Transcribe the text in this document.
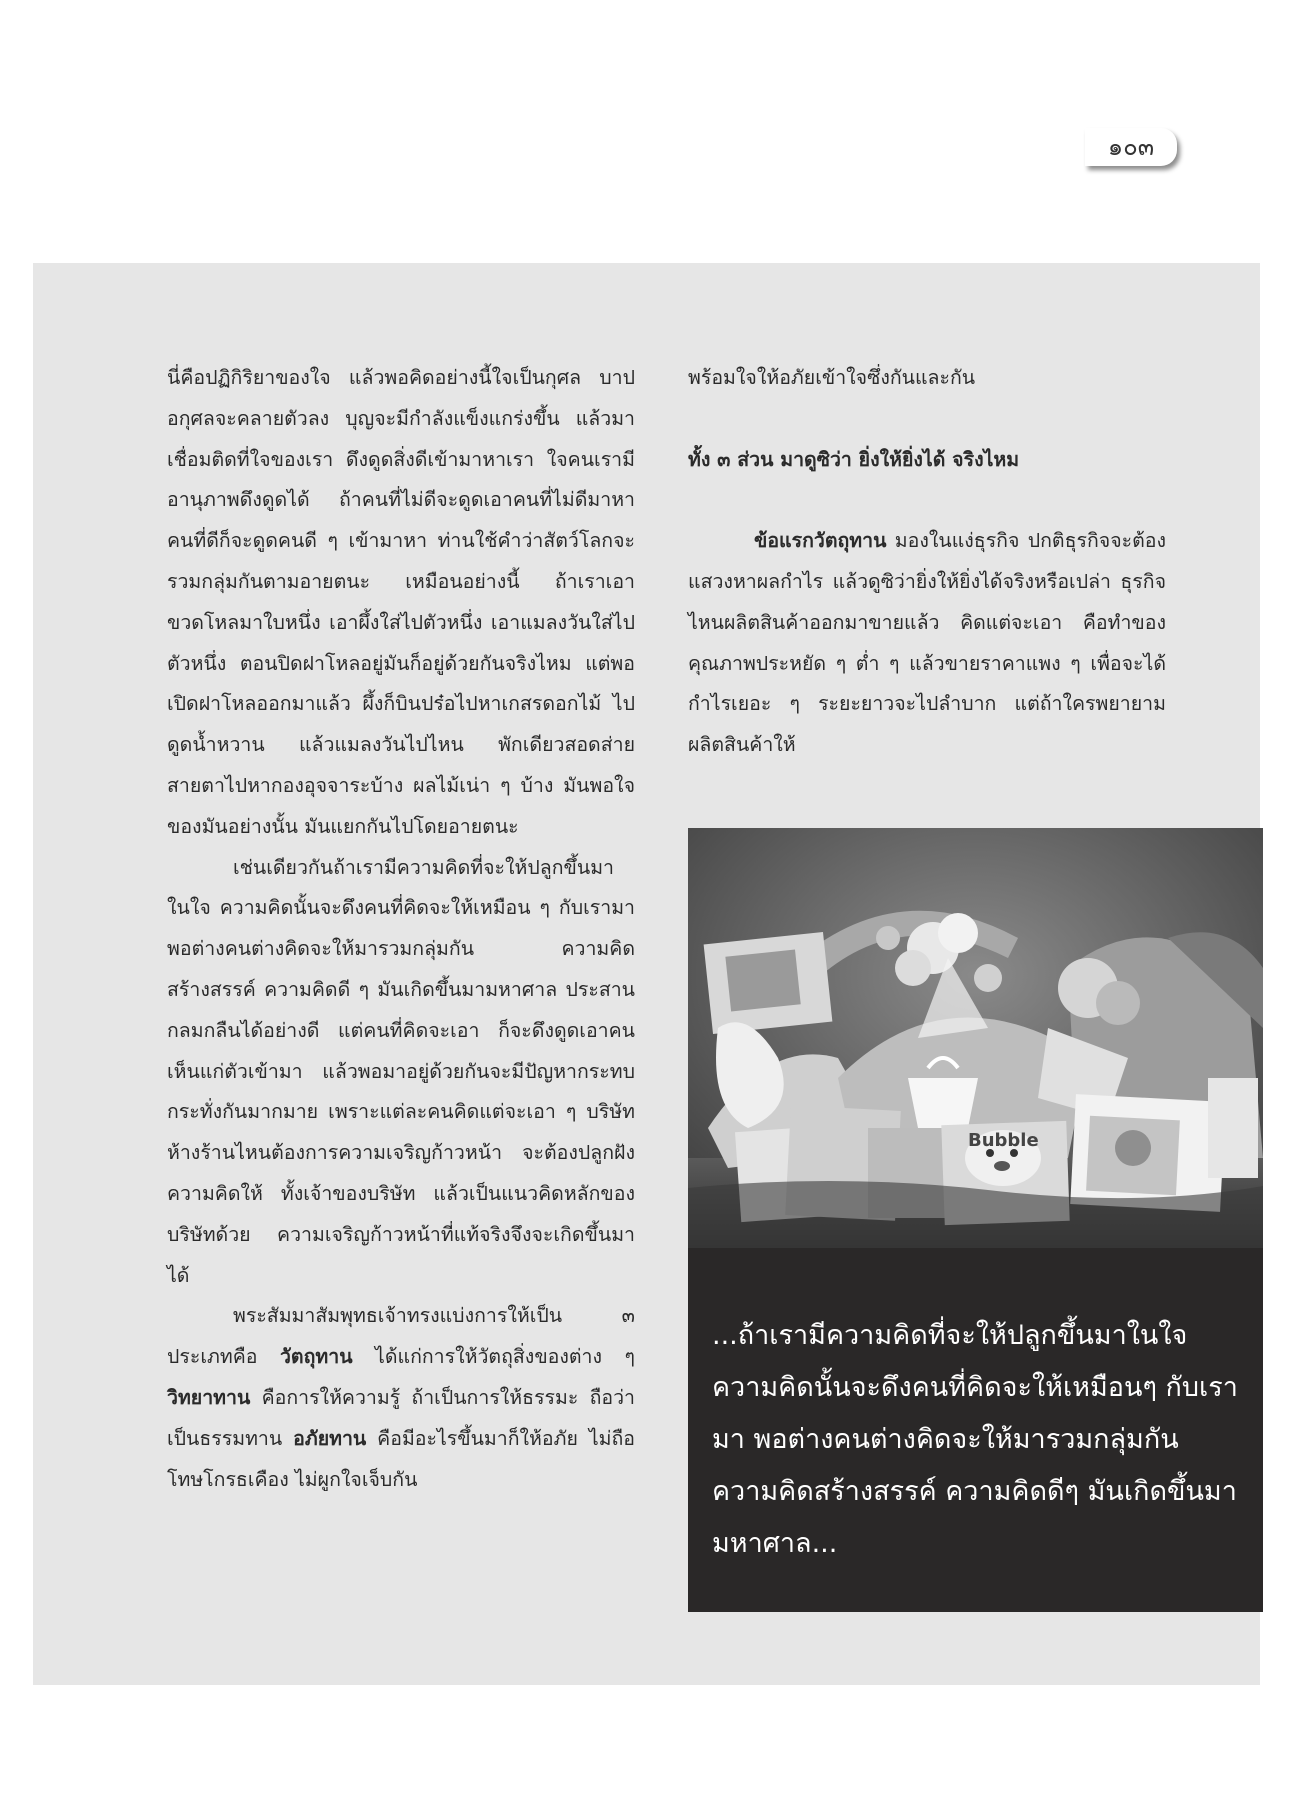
๑๐๓

นี่คือปฏิกิริยาของใจ แล้วพอคิดอย่างนี้ใจเป็นกุศล บาปอกุศลจะคลายตัวลง บุญจะมีกำลังแข็งแกร่งขึ้น แล้วมาเชื่อมติดที่ใจของเรา ดึงดูดสิ่งดีเข้ามาหาเรา ใจคนเรามีอานุภาพดึงดูดได้ ถ้าคนที่ไม่ดีจะดูดเอาคนที่ไม่ดีมาหา คนที่ดีก็จะดูดคนดี ๆ เข้ามาหา ท่านใช้คำว่าสัตว์โลกจะรวมกลุ่มกันตามอายตนะ เหมือนอย่างนี้ ถ้าเราเอาขวดโหลมาใบหนึ่ง เอาผึ้งใส่ไปตัวหนึ่ง เอาแมลงวันใส่ไปตัวหนึ่ง ตอนปิดฝาโหลอยู่มันก็อยู่ด้วยกันจริงไหม แต่พอเปิดฝาโหลออกมาแล้ว ผึ้งก็บินปร๋อไปหาเกสรดอกไม้ ไปดูดน้ำหวาน แล้วแมลงวันไปไหน พักเดียวสอดส่ายสายตาไปหากองอุจจาระบ้าง ผลไม้เน่า ๆ บ้าง มันพอใจของมันอย่างนั้น มันแยกกันไปโดยอายตนะ

เช่นเดียวกันถ้าเรามีความคิดที่จะให้ปลูกขึ้นมาในใจ ความคิดนั้นจะดึงคนที่คิดจะให้เหมือน ๆ กับเรามา พอต่างคนต่างคิดจะให้มารวมกลุ่มกัน ความคิดสร้างสรรค์ ความคิดดี ๆ มันเกิดขึ้นมามหาศาล ประสานกลมกลืนได้อย่างดี แต่คนที่คิดจะเอา ก็จะดึงดูดเอาคนเห็นแก่ตัวเข้ามา แล้วพอมาอยู่ด้วยกันจะมีปัญหากระทบกระทั่งกันมากมาย เพราะแต่ละคนคิดแต่จะเอา ๆ บริษัทห้างร้านไหนต้องการความเจริญก้าวหน้า จะต้องปลูกฝังความคิดให้ ทั้งเจ้าของบริษัท แล้วเป็นแนวคิดหลักของบริษัทด้วย ความเจริญก้าวหน้าที่แท้จริงจึงจะเกิดขึ้นมาได้

พระสัมมาสัมพุทธเจ้าทรงแบ่งการให้เป็น ๓ ประเภทคือ วัตถุทาน ได้แก่การให้วัตถุสิ่งของต่าง ๆ วิทยาทาน คือการให้ความรู้ ถ้าเป็นการให้ธรรมะ ถือว่าเป็นธรรมทาน อภัยทาน คือมีอะไรขึ้นมาก็ให้อภัย ไม่ถือโทษโกรธเคือง ไม่ผูกใจเจ็บกัน

พร้อมใจให้อภัยเข้าใจซึ่งกันและกัน

ทั้ง ๓ ส่วน มาดูซิว่า ยิ่งให้ยิ่งได้ จริงไหม

ข้อแรกวัตถุทาน มองในแง่ธุรกิจ ปกติธุรกิจจะต้องแสวงหาผลกำไร แล้วดูซิว่ายิ่งให้ยิ่งได้จริงหรือเปล่า ธุรกิจไหนผลิตสินค้าออกมาขายแล้ว คิดแต่จะเอา คือทำของคุณภาพประหยัด ๆ ต่ำ ๆ แล้วขายราคาแพง ๆ เพื่อจะได้กำไรเยอะ ๆ ระยะยาวจะไปลำบาก แต่ถ้าใครพยายามผลิตสินค้าให้

Bubble
...ถ้าเรามีความคิดที่จะให้ปลูกขึ้นมาในใจ ความคิดนั้นจะดึงคนที่คิดจะให้เหมือนๆ กับเรามา พอต่างคนต่างคิดจะให้มารวมกลุ่มกัน ความคิดสร้างสรรค์ ความคิดดีๆ มันเกิดขึ้นมามหาศาล...
